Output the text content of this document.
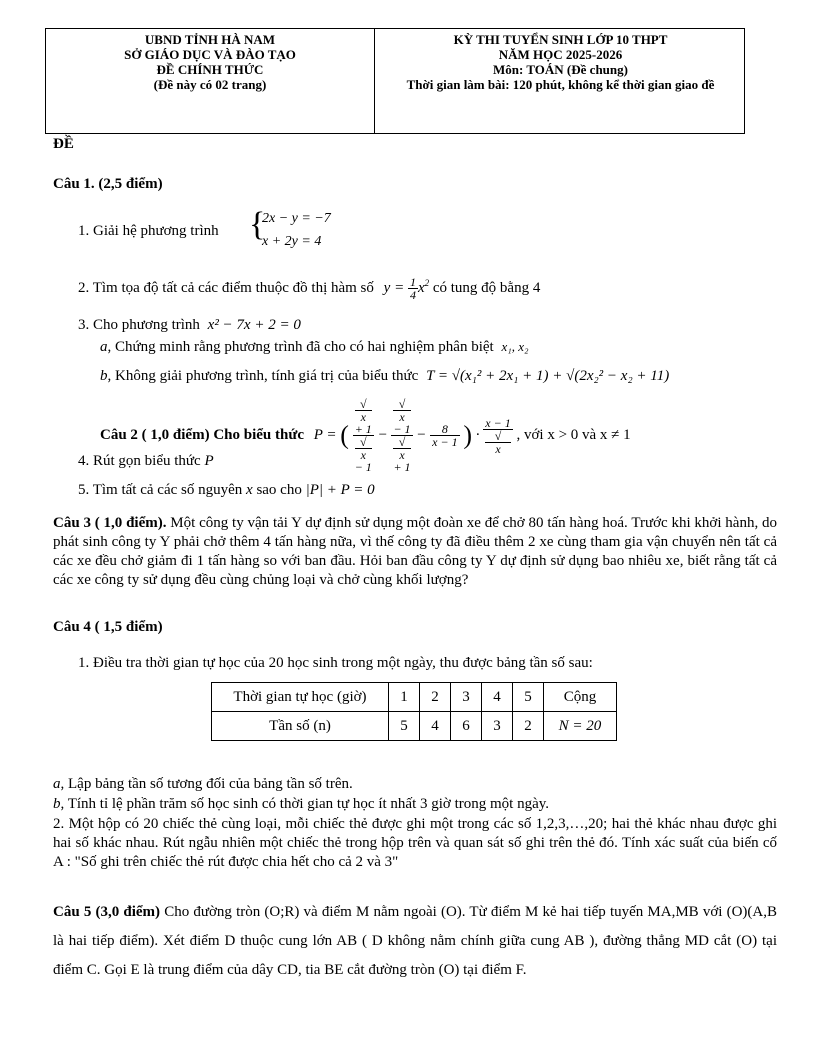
UBND TỈNH HÀ NAM
SỞ GIÁO DỤC VÀ ĐÀO TẠO
ĐỀ CHÍNH THỨC
(Đề này có 02 trang)
KỲ THI TUYỂN SINH LỚP 10 THPT
NĂM HỌC 2025-2026
Môn: TOÁN (Đề chung)
Thời gian làm bài: 120 phút, không kể thời gian giao đề
ĐỀ
Câu 1. (2,5 điểm)
1. Giải hệ phương trình {
2x − y = −7
x + 2y = 4
2. Tìm tọa độ tất cả các điểm thuộc đồ thị hàm số $y = \frac{1}{4} x^2$ có tung độ bằng 4
3. Cho phương trình x² − 7x + 2 = 0
a, Chứng minh rằng phương trình đã cho có hai nghiệm phân biệt x₁, x₂
b, Không giải phương trình, tính giá trị của biểu thức T = √(x₁² + 2x₁ + 1) + √(2x₂² − x₂ + 11)
Câu 2 ( 1,0 điểm) Cho biểu thức P = ( √
x
+ 1
√
x
− 1 − √
x
− 1
√
x
+ $1 - \frac{8}{x - 1}$ ) · x − 1
√
x , với x > 0 và x ≠ 1
4. Rút gọn biểu thức P
5. Tìm tất cả các số nguyên x sao cho |P| + P = 0
Câu 3 ( 1,0 điểm). Một công ty vận tải Y dự định sử dụng một đoàn xe để chở 80 tấn hàng hoá. Trước khi khởi hành, do phát sinh công ty Y phải chở thêm 4 tấn hàng nữa, vì thế công ty đã điều thêm 2 xe cùng tham gia vận chuyển nên tất cả các xe đều chở giảm đi 1 tấn hàng so với ban đầu. Hỏi ban đầu công ty Y dự định sử dụng bao nhiêu xe, biết rằng tất cả các xe công ty sử dụng đều cùng chủng loại và chở cùng khối lượng?
Câu 4 ( 1,5 điểm)
1. Điều tra thời gian tự học của 20 học sinh trong một ngày, thu được bảng tần số sau:
Thời gian tự học (giờ)	1	2	3	4	5	Cộng
Tần số (n)	5	4	6	3	2	N = 20
a, Lập bảng tần số tương đối của bảng tần số trên.
b, Tính tỉ lệ phần trăm số học sinh có thời gian tự học ít nhất 3 giờ trong một ngày.
2. Một hộp có 20 chiếc thẻ cùng loại, mỗi chiếc thẻ được ghi một trong các số 1,2,3,…,20; hai thẻ khác nhau được ghi hai số khác nhau. Rút ngẫu nhiên một chiếc thẻ trong hộp trên và quan sát số ghi trên thẻ đó. Tính xác suất của biến cố A : "Số ghi trên chiếc thẻ rút được chia hết cho cả 2 và 3"
Câu 5 (3,0 điểm) Cho đường tròn (O;R) và điểm M nằm ngoài (O). Từ điểm M kẻ hai tiếp tuyến MA,MB với (O)(A,B là hai tiếp điểm). Xét điểm D thuộc cung lớn AB ( D không nằm chính giữa cung AB ), đường thẳng MD cắt (O) tại điểm C. Gọi E là trung điểm của dây CD, tia BE cắt đường tròn (O) tại điểm F.
